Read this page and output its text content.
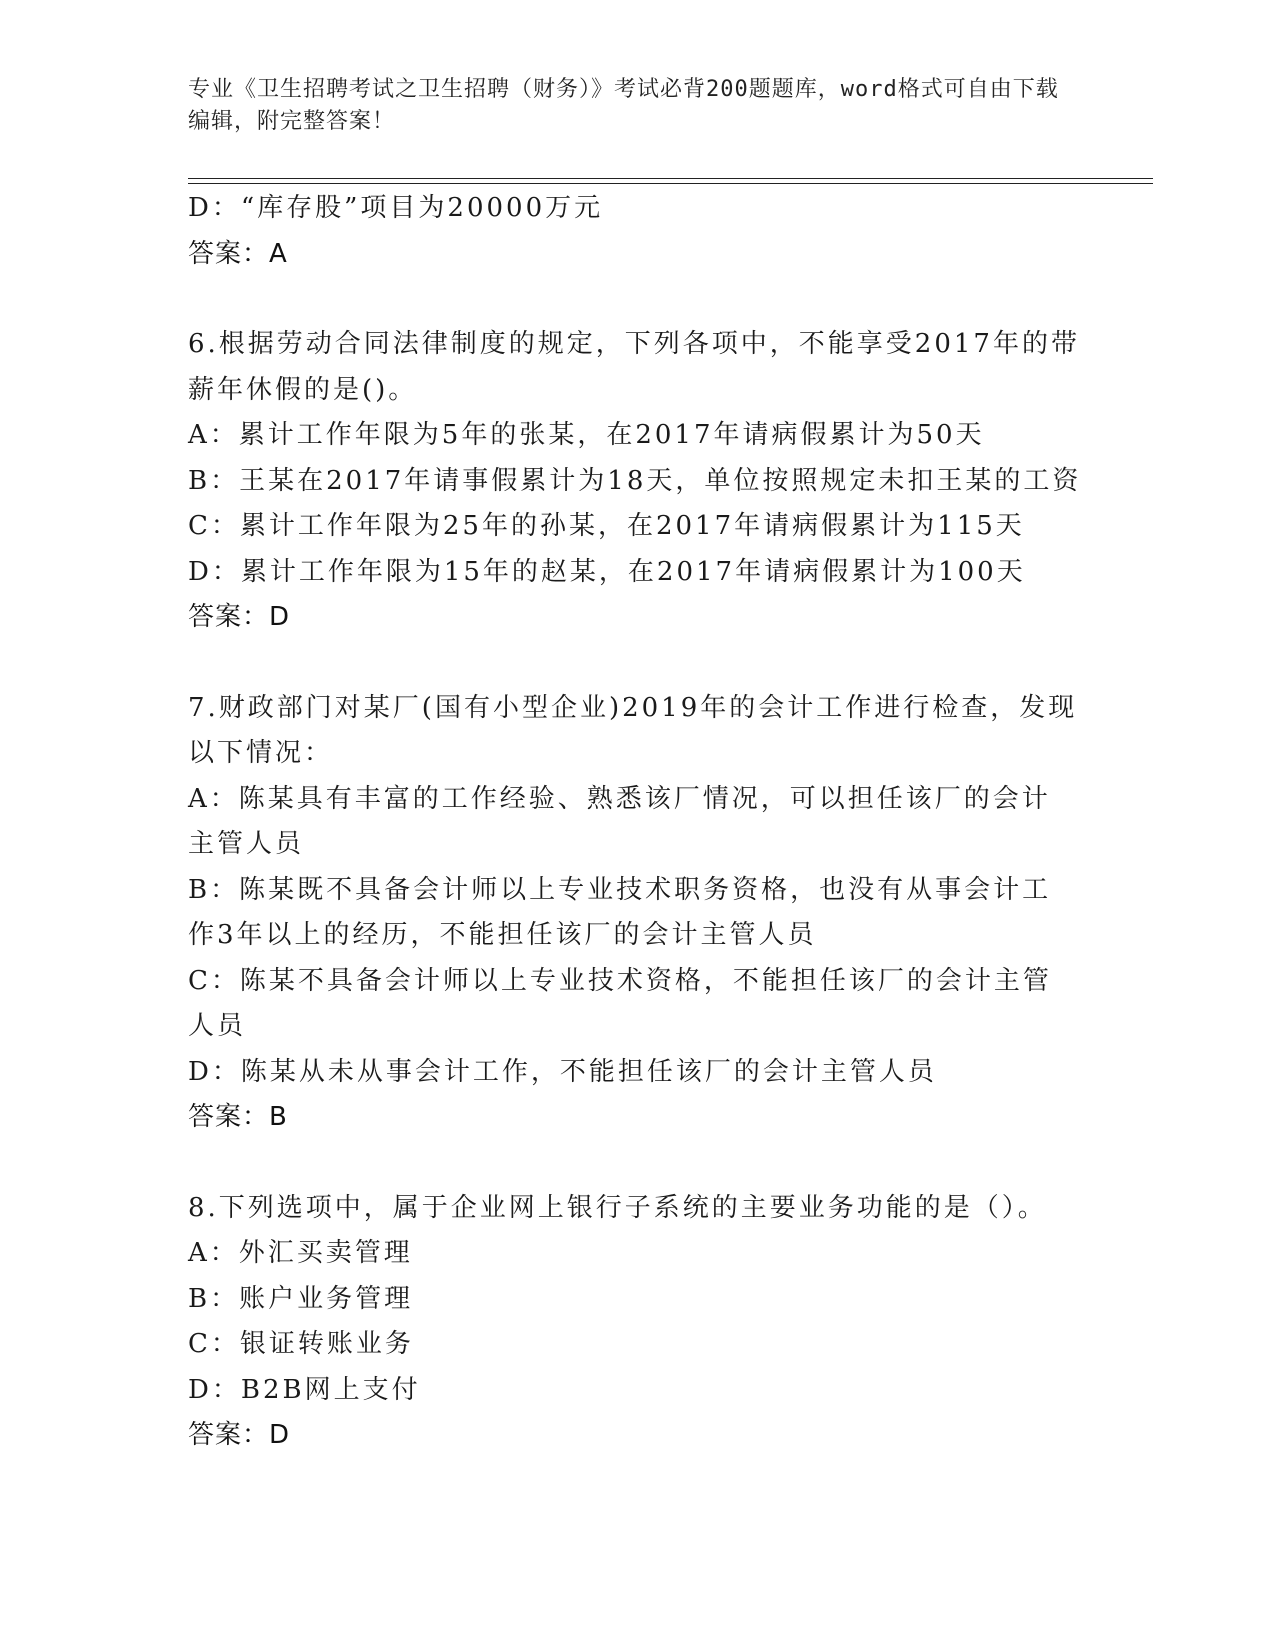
专业《卫生招聘考试之卫生招聘（财务）》考试必背200题题库，word格式可自由下载编辑，附完整答案！
D：“库存股”项目为20000万元
答案：A
6.根据劳动合同法律制度的规定，下列各项中，不能享受2017年的带
薪年休假的是()。
A：累计工作年限为5年的张某，在2017年请病假累计为50天
B：王某在2017年请事假累计为18天，单位按照规定未扣王某的工资
C：累计工作年限为25年的孙某，在2017年请病假累计为115天
D：累计工作年限为15年的赵某，在2017年请病假累计为100天
答案：D
7.财政部门对某厂(国有小型企业)2019年的会计工作进行检查，发现
以下情况：
A：陈某具有丰富的工作经验、熟悉该厂情况，可以担任该厂的会计主管人员
B：陈某既不具备会计师以上专业技术职务资格，也没有从事会计工作3年以上的经历，不能担任该厂的会计主管人员
C：陈某不具备会计师以上专业技术资格，不能担任该厂的会计主管人员
D：陈某从未从事会计工作，不能担任该厂的会计主管人员
答案：B
8.下列选项中，属于企业网上银行子系统的主要业务功能的是（）。
A：外汇买卖管理
B：账户业务管理
C：银证转账业务
D：B2B网上支付
答案：D
